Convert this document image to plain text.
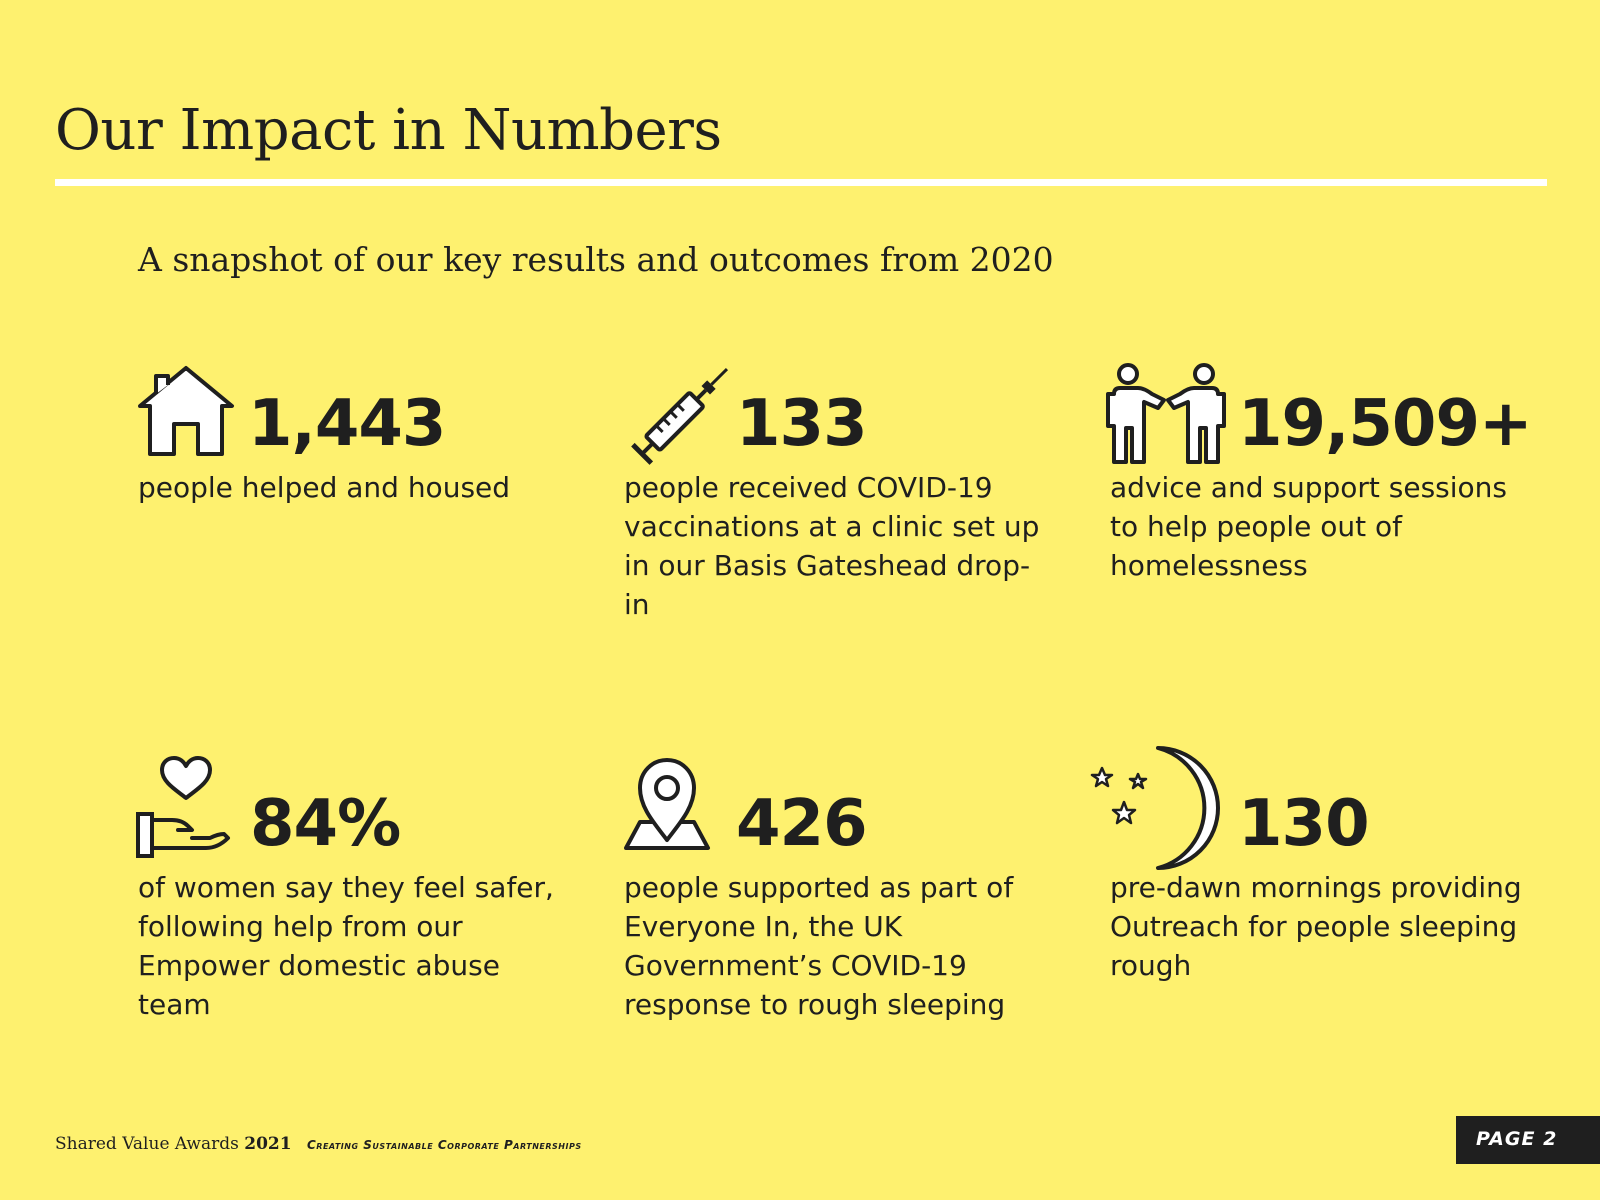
Our Impact in Numbers

A snapshot of our key results and outcomes from 2020

1,443
people helped and housed
133
people received COVID-19 vaccinations at a clinic set up in our Basis Gateshead drop-in
19,509+
advice and support sessions to help people out of homelessness
84%
of women say they feel safer, following help from our Empower domestic abuse team
426
people supported as part of Everyone In, the UK Government’s COVID-19 response to rough sleeping
130
pre-dawn mornings providing Outreach for people sleeping rough
Shared Value Awards 2021 Creating Sustainable Corporate Partnerships	PAGE 2
